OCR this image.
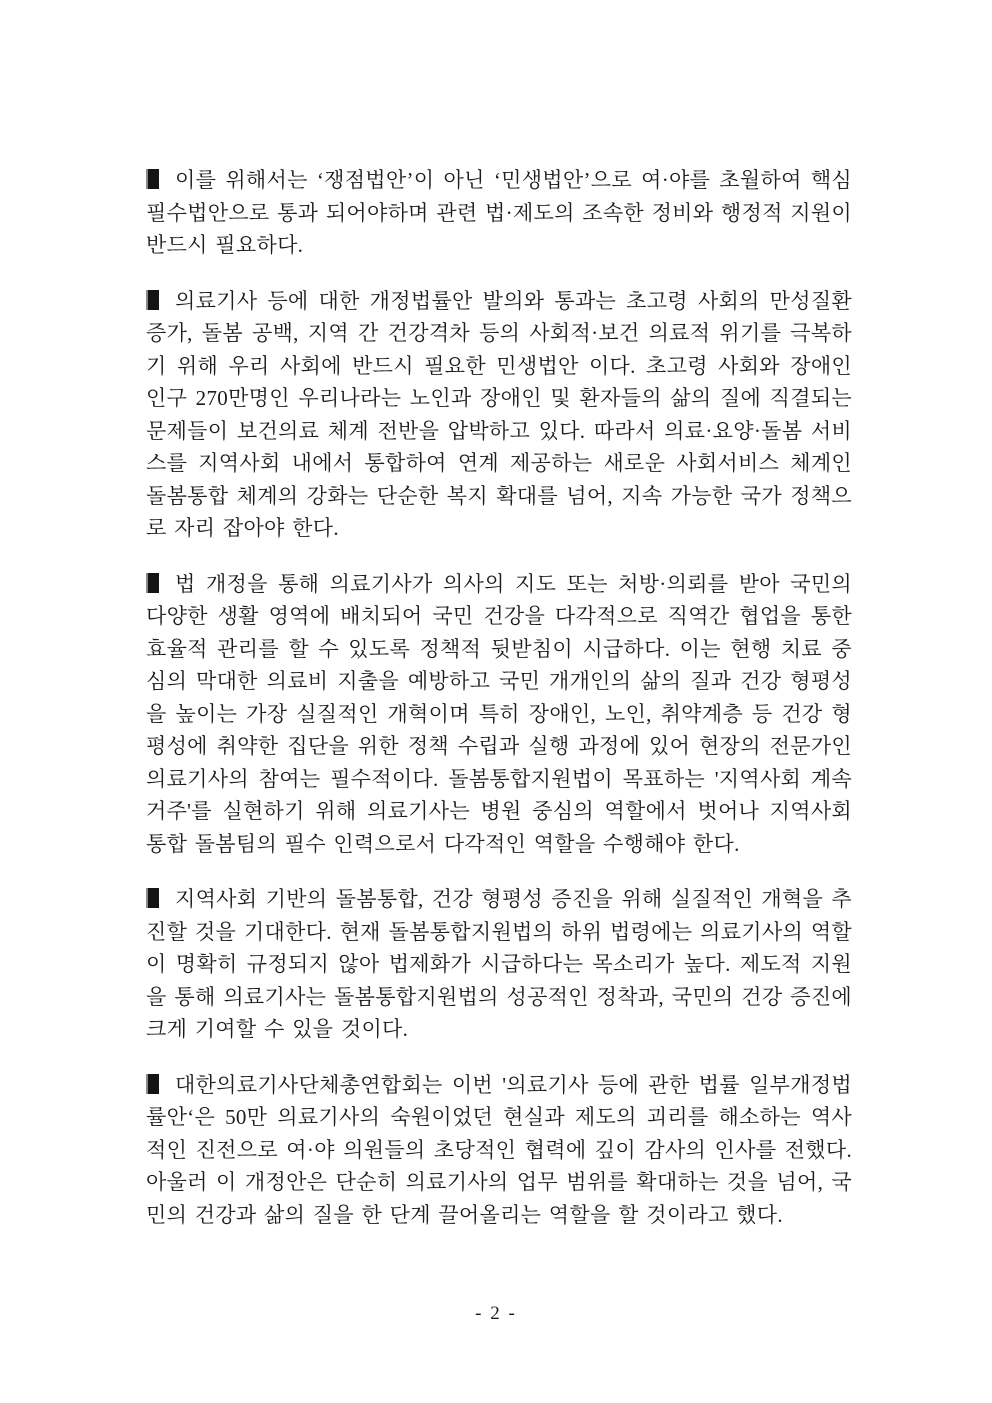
이를 위해서는 ‘쟁점법안’이 아닌 ‘민생법안’으로 여·야를 초월하여 핵심 필수법안으로 통과 되어야하며 관련 법·제도의 조속한 정비와 행정적 지원이 반드시 필요하다.

의료기사 등에 대한 개정법률안 발의와 통과는 초고령 사회의 만성질환 증가, 돌봄 공백, 지역 간 건강격차 등의 사회적·보건 의료적 위기를 극복하기 위해 우리 사회에 반드시 필요한 민생법안 이다. 초고령 사회와 장애인 인구 270만명인 우리나라는 노인과 장애인 및 환자들의 삶의 질에 직결되는 문제들이 보건의료 체계 전반을 압박하고 있다. 따라서 의료·요양·돌봄 서비스를 지역사회 내에서 통합하여 연계 제공하는 새로운 사회서비스 체계인 돌봄통합 체계의 강화는 단순한 복지 확대를 넘어, 지속 가능한 국가 정책으로 자리 잡아야 한다.

법 개정을 통해 의료기사가 의사의 지도 또는 처방·의뢰를 받아 국민의 다양한 생활 영역에 배치되어 국민 건강을 다각적으로 직역간 협업을 통한 효율적 관리를 할 수 있도록 정책적 뒷받침이 시급하다. 이는 현행 치료 중심의 막대한 의료비 지출을 예방하고 국민 개개인의 삶의 질과 건강 형평성을 높이는 가장 실질적인 개혁이며 특히 장애인, 노인, 취약계층 등 건강 형평성에 취약한 집단을 위한 정책 수립과 실행 과정에 있어 현장의 전문가인 의료기사의 참여는 필수적이다. 돌봄통합지원법이 목표하는 '지역사회 계속 거주'를 실현하기 위해 의료기사는 병원 중심의 역할에서 벗어나 지역사회 통합 돌봄팀의 필수 인력으로서 다각적인 역할을 수행해야 한다.

지역사회 기반의 돌봄통합, 건강 형평성 증진을 위해 실질적인 개혁을 추진할 것을 기대한다. 현재 돌봄통합지원법의 하위 법령에는 의료기사의 역할이 명확히 규정되지 않아 법제화가 시급하다는 목소리가 높다. 제도적 지원을 통해 의료기사는 돌봄통합지원법의 성공적인 정착과, 국민의 건강 증진에 크게 기여할 수 있을 것이다.

대한의료기사단체총연합회는 이번 '의료기사 등에 관한 법률 일부개정법률안‘은 50만 의료기사의 숙원이었던 현실과 제도의 괴리를 해소하는 역사적인 진전으로 여·야 의원들의 초당적인 협력에 깊이 감사의 인사를 전했다. 아울러 이 개정안은 단순히 의료기사의 업무 범위를 확대하는 것을 넘어, 국민의 건강과 삶의 질을 한 단계 끌어올리는 역할을 할 것이라고 했다.

- 2 -
